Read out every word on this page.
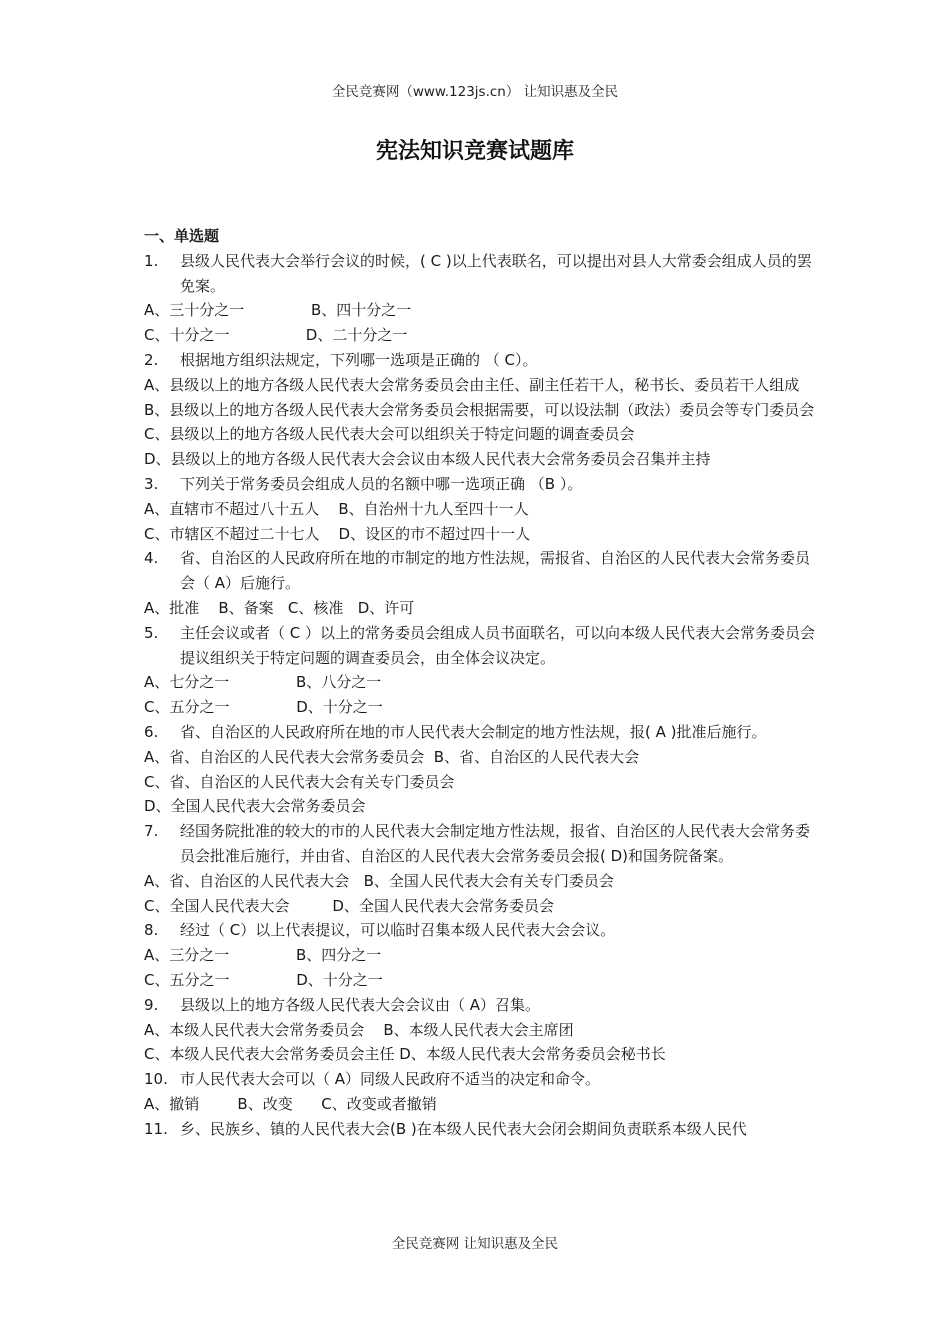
全民竞赛网（www.123js.cn） 让知识惠及全民
宪法知识竞赛试题库
一、单选题
1. 县级人民代表大会举行会议的时候，( C )以上代表联名，可以提出对县人大常委会组成人员的罢免案。
A、三十分之一              B、四十分之一
C、十分之一                D、二十分之一
2. 根据地方组织法规定，下列哪一选项是正确的 （ C）。
A、县级以上的地方各级人民代表大会常务委员会由主任、副主任若干人，秘书长、委员若干人组成
B、县级以上的地方各级人民代表大会常务委员会根据需要，可以设法制（政法）委员会等专门委员会
C、县级以上的地方各级人民代表大会可以组织关于特定问题的调查委员会
D、县级以上的地方各级人民代表大会会议由本级人民代表大会常务委员会召集并主持
3. 下列关于常务委员会组成人员的名额中哪一选项正确 （B ）。
A、直辖市不超过八十五人    B、自治州十九人至四十一人
C、市辖区不超过二十七人    D、设区的市不超过四十一人
4. 省、自治区的人民政府所在地的市制定的地方性法规，需报省、自治区的人民代表大会常务委员会（ A）后施行。
A、批准    B、备案   C、核准   D、许可
5. 主任会议或者（ C ）以上的常务委员会组成人员书面联名，可以向本级人民代表大会常务委员会提议组织关于特定问题的调查委员会，由全体会议决定。
A、七分之一              B、八分之一
C、五分之一              D、十分之一
6. 省、自治区的人民政府所在地的市人民代表大会制定的地方性法规，报( A )批准后施行。
A、省、自治区的人民代表大会常务委员会  B、省、自治区的人民代表大会
C、省、自治区的人民代表大会有关专门委员会
D、全国人民代表大会常务委员会
7. 经国务院批准的较大的市的人民代表大会制定地方性法规，报省、自治区的人民代表大会常务委员会批准后施行，并由省、自治区的人民代表大会常务委员会报( D)和国务院备案。
A、省、自治区的人民代表大会   B、全国人民代表大会有关专门委员会
C、全国人民代表大会         D、全国人民代表大会常务委员会
8. 经过（ C）以上代表提议，可以临时召集本级人民代表大会会议。
A、三分之一              B、四分之一
C、五分之一              D、十分之一
9. 县级以上的地方各级人民代表大会会议由（ A）召集。
A、本级人民代表大会常务委员会    B、本级人民代表大会主席团
C、本级人民代表大会常务委员会主任 D、本级人民代表大会常务委员会秘书长
10. 市人民代表大会可以（ A）同级人民政府不适当的决定和命令。
A、撤销        B、改变      C、改变或者撤销
11. 乡、民族乡、镇的人民代表大会(B )在本级人民代表大会闭会期间负责联系本级人民代
全民竞赛网 让知识惠及全民
